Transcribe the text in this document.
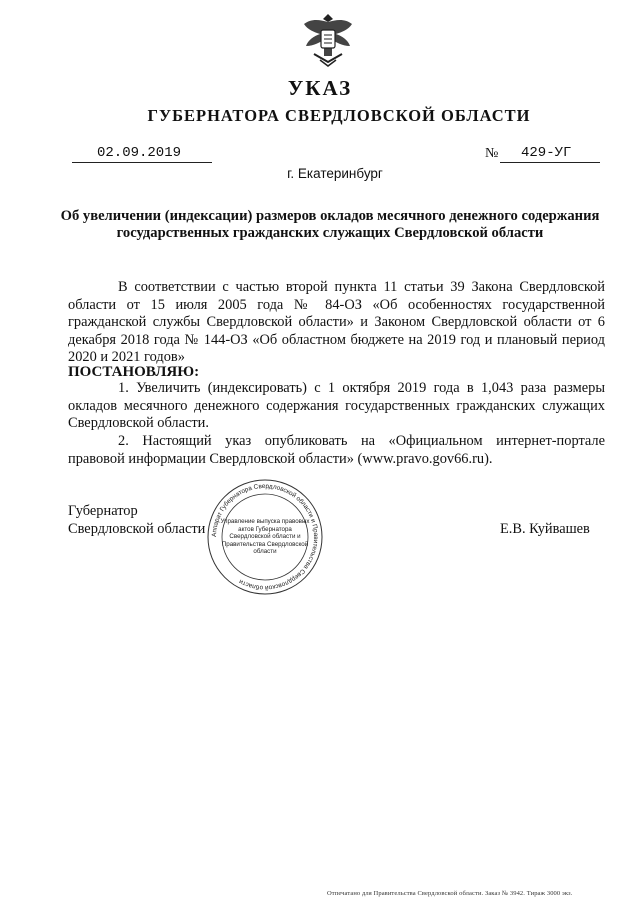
УКАЗ
ГУБЕРНАТОРА СВЕРДЛОВСКОЙ ОБЛАСТИ
02.09.2019	№ 429-УГ
г. Екатеринбург
Об увеличении (индексации) размеров окладов месячного денежного содержания государственных гражданских служащих Свердловской области
В соответствии с частью второй пункта 11 статьи 39 Закона Свердловской области от 15 июля 2005 года № 84-ОЗ «Об особенностях государственной гражданской службы Свердловской области» и Законом Свердловской области от 6 декабря 2018 года № 144-ОЗ «Об областном бюджете на 2019 год и плановый период 2020 и 2021 годов»
ПОСТАНОВЛЯЮ:
1. Увеличить (индексировать) с 1 октября 2019 года в 1,043 раза размеры окладов месячного денежного содержания государственных гражданских служащих Свердловской области.
2. Настоящий указ опубликовать на «Официальном интернет-портале правовой информации Свердловской области» (www.pravo.gov66.ru).
Губернатор
Свердловской области	Е.В. Куйвашев
Аппарат Губернатора Свердловской области и Правительства Свердловской области
Управление выпуска правовых актов Губернатора Свердловской области и Правительства Свердловской области
Отпечатано для Правительства Свердловской области. Заказ № 3942. Тираж 3000 экз.
